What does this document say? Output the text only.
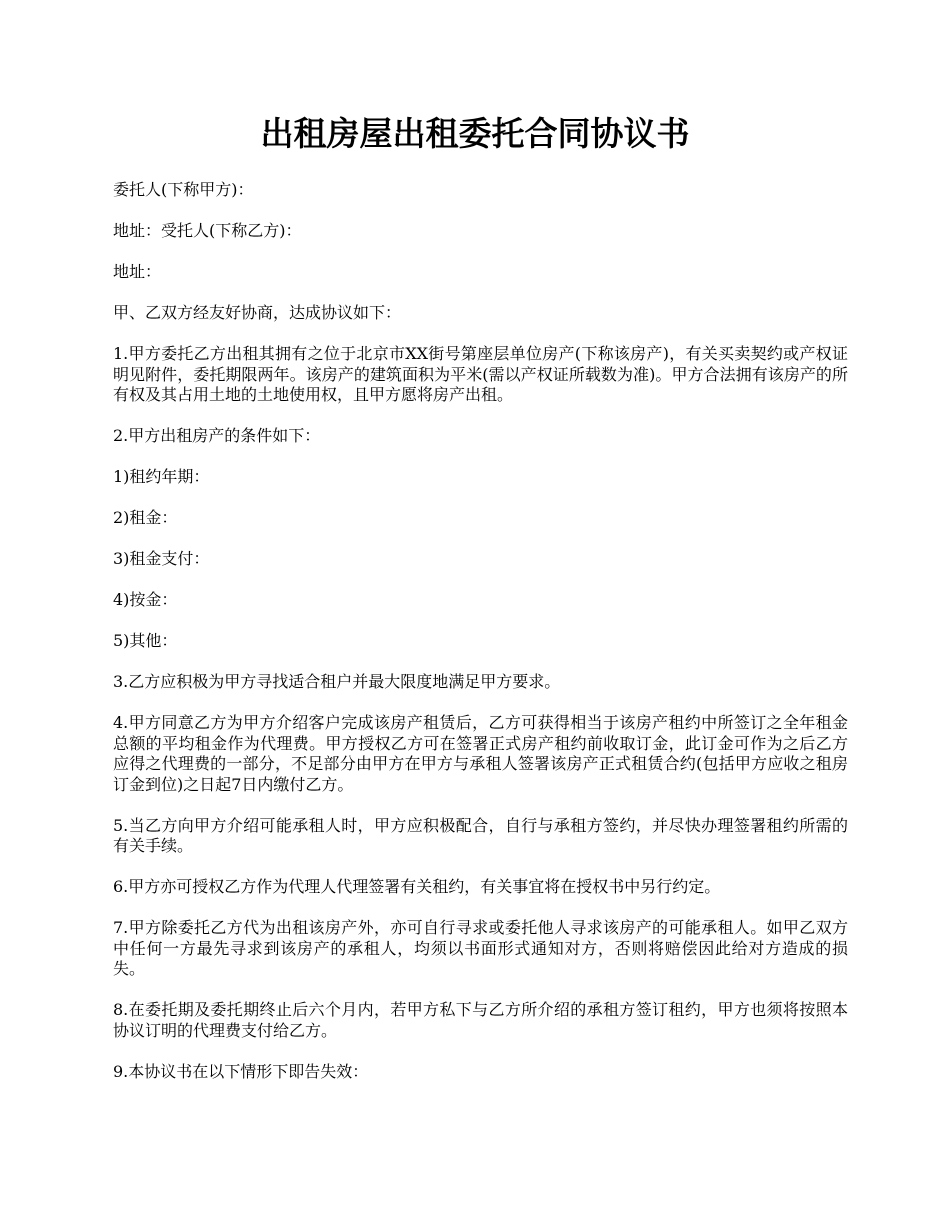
出租房屋出租委托合同协议书

委托人(下称甲方)：

地址：受托人(下称乙方)：

地址：

甲、乙双方经友好协商，达成协议如下：

1.甲方委托乙方出租其拥有之位于北京市XX街号第座层单位房产(下称该房产)，有关买卖契约或产权证明见附件，委托期限两年。该房产的建筑面积为平米(需以产权证所载数为准)。甲方合法拥有该房产的所有权及其占用土地的土地使用权，且甲方愿将房产出租。

2.甲方出租房产的条件如下：

1)租约年期：

2)租金：

3)租金支付：

4)按金：

5)其他：

3.乙方应积极为甲方寻找适合租户并最大限度地满足甲方要求。

4.甲方同意乙方为甲方介绍客户完成该房产租赁后，乙方可获得相当于该房产租约中所签订之全年租金总额的平均租金作为代理费。甲方授权乙方可在签署正式房产租约前收取订金，此订金可作为之后乙方应得之代理费的一部分，不足部分由甲方在甲方与承租人签署该房产正式租赁合约(包括甲方应收之租房订金到位)之日起7日内缴付乙方。

5.当乙方向甲方介绍可能承租人时，甲方应积极配合，自行与承租方签约，并尽快办理签署租约所需的有关手续。

6.甲方亦可授权乙方作为代理人代理签署有关租约，有关事宜将在授权书中另行约定。

7.甲方除委托乙方代为出租该房产外，亦可自行寻求或委托他人寻求该房产的可能承租人。如甲乙双方中任何一方最先寻求到该房产的承租人，均须以书面形式通知对方，否则将赔偿因此给对方造成的损失。

8.在委托期及委托期终止后六个月内，若甲方私下与乙方所介绍的承租方签订租约，甲方也须将按照本协议订明的代理费支付给乙方。

9.本协议书在以下情形下即告失效：
